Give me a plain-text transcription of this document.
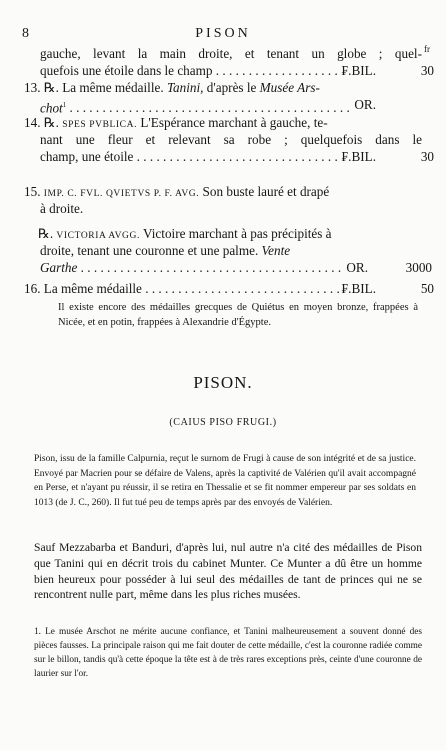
8	PISON
fr
gauche, levant la main droite, et tenant un globe ; quel-
quefois une étoile dans le champ . . .	₣.BIL.	30
13. ℞. La même médaille. Tanini, d'après le Musée Ars-
chot$^1$ . . .	OR.
14. ℞. SPES PVBLICA. L'Espérance marchant à gauche, te-
nant une fleur et relevant sa robe ; quelquefois dans le
champ, une étoile . . .	₣.BIL.	30
15. IMP. C. FVL. QVIETVS P. F. AVG. Son buste lauré et drapé
à droite.
℞. VICTORIA AVGG. Victoire marchant à pas précipités à
droite, tenant une couronne et une palme. Vente
Garthe . . .	OR.	3000
16. La même médaille . . .	₣.BIL.	50
Il existe encore des médailles grecques de Quiétus en moyen bronze, frappées à Nicée, et en potin, frappées à Alexandrie d'Égypte.
PISON.
(CAIUS PISO FRUGI.)
Pison, issu de la famille Calpurnia, reçut le surnom de Frugi à cause de son intégrité et de sa justice. Envoyé par Macrien pour se défaire de Valens, après la captivité de Valérien qu'il avait accompagné en Perse, et n'ayant pu réussir, il se retira en Thessalie et se fit nommer empereur par ses soldats en 1013 (de J. C., 260). Il fut tué peu de temps après par des envoyés de Valérien.
Sauf Mezzabarba et Banduri, d'après lui, nul autre n'a cité des médailles de Pison que Tanini qui en décrit trois du cabinet Munter. Ce Munter a dû être un homme bien heureux pour posséder à lui seul des médailles de tant de princes qui ne se rencontrent nulle part, même dans les plus riches musées.
1. Le musée Arschot ne mérite aucune confiance, et Tanini malheureusement a souvent donné des pièces fausses. La principale raison qui me fait douter de cette médaille, c'est la couronne radiée comme sur le billon, tandis qu'à cette époque la tête est à de très rares exceptions près, ceinte d'une couronne de laurier sur l'or.
